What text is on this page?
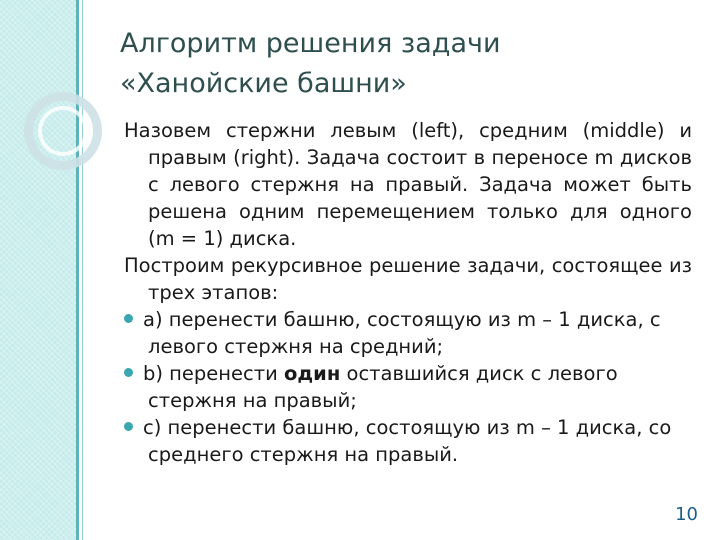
Алгоритм решения задачи
«Ханойские башни»

Назовем стержни левым (left), средним (middle) и правым (right). Задача состоит в переносе m дисков с левого стержня на правый. Задача может быть решена одним перемещением только для одного (m = 1) диска.

Построим рекурсивное решение задачи, состоящее из трех этапов:

a) перенести башню, состоящую из m – 1 диска, с левого стержня на средний;

b) перенести один оставшийся диск с левого стержня на правый;

c) перенести башню, состоящую из m – 1 диска, со среднего стержня на правый.

10
